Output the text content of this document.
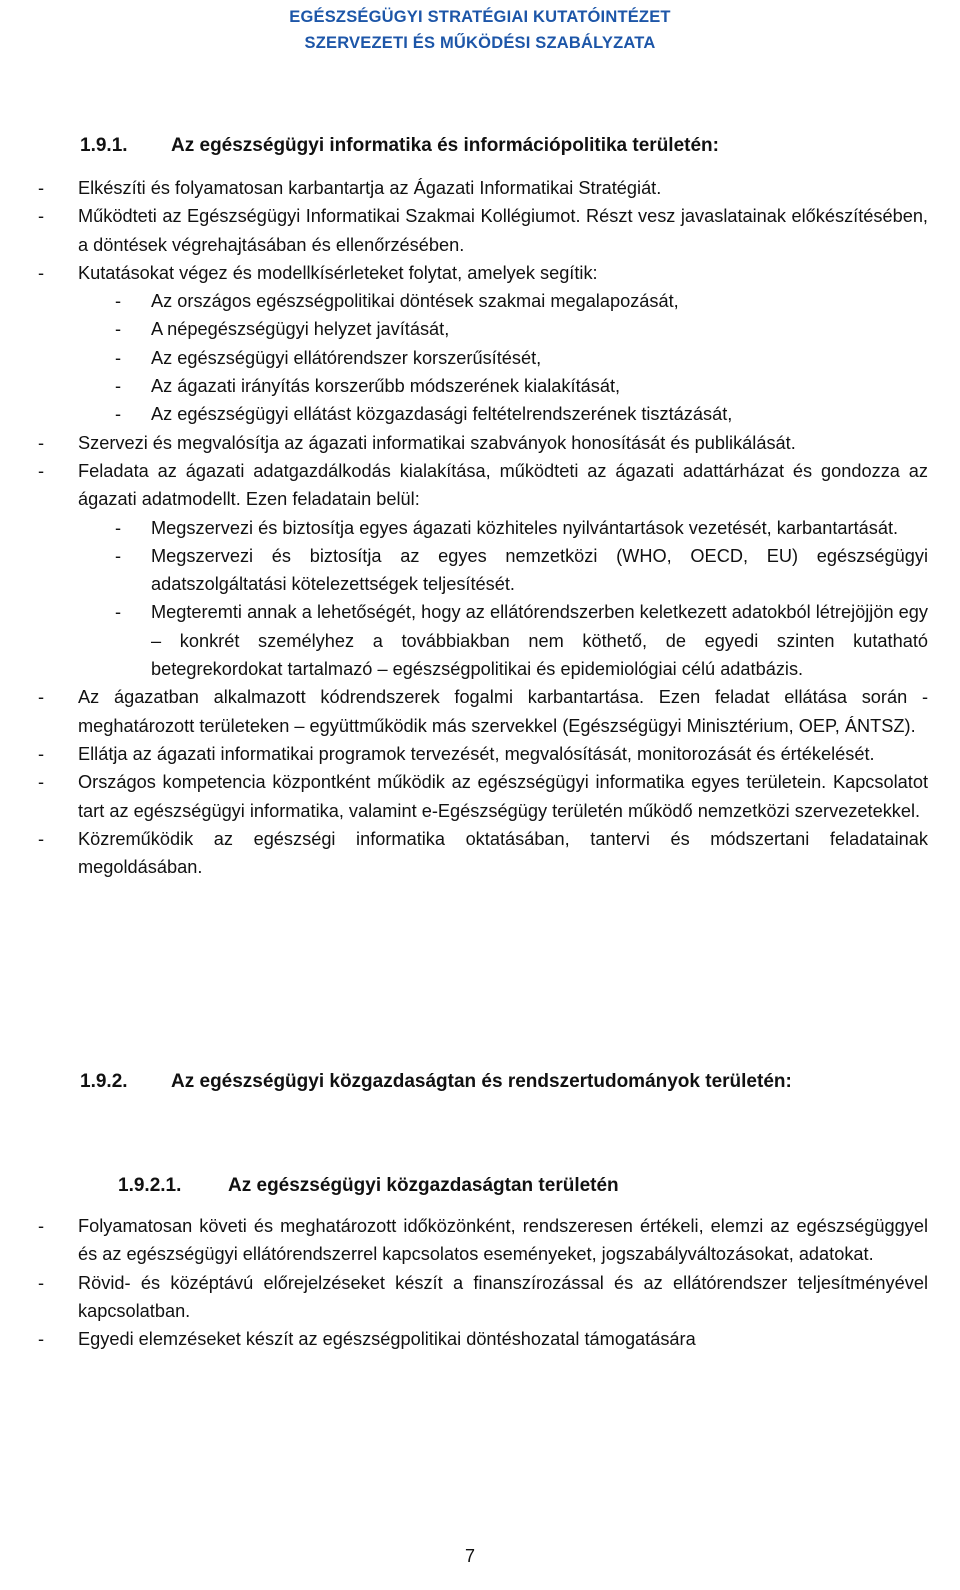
EGÉSZSÉGÜGYI STRATÉGIAI KUTATÓINTÉZET
SZERVEZETI ÉS MŰKÖDÉSI SZABÁLYZATA
1.9.1. Az egészségügyi informatika és információpolitika területén:
- Elkészíti és folyamatosan karbantartja az Ágazati Informatikai Stratégiát.
- Működteti az Egészségügyi Informatikai Szakmai Kollégiumot. Részt vesz javaslatainak előkészítésében, a döntések végrehajtásában és ellenőrzésében.
- Kutatásokat végez és modellkísérleteket folytat, amelyek segítik:
- Az országos egészségpolitikai döntések szakmai megalapozását,
- A népegészségügyi helyzet javítását,
- Az egészségügyi ellátórendszer korszerűsítését,
- Az ágazati irányítás korszerűbb módszerének kialakítását,
- Az egészségügyi ellátást közgazdasági feltételrendszerének tisztázását,
- Szervezi és megvalósítja az ágazati informatikai szabványok honosítását és publikálását.
- Feladata az ágazati adatgazdálkodás kialakítása, működteti az ágazati adattárházat és gondozza az ágazati adatmodellt. Ezen feladatain belül:
- Megszervezi és biztosítja egyes ágazati közhiteles nyilvántartások vezetését, karbantartását.
- Megszervezi és biztosítja az egyes nemzetközi (WHO, OECD, EU) egészségügyi adatszolgáltatási kötelezettségek teljesítését.
- Megteremti annak a lehetőségét, hogy az ellátórendszerben keletkezett adatokból létrejöjjön egy – konkrét személyhez a továbbiakban nem köthető, de egyedi szinten kutatható betegrekordokat tartalmazó – egészségpolitikai és epidemiológiai célú adatbázis.
- Az ágazatban alkalmazott kódrendszerek fogalmi karbantartása. Ezen feladat ellátása során - meghatározott területeken – együttműködik más szervekkel (Egészségügyi Minisztérium, OEP, ÁNTSZ).
- Ellátja az ágazati informatikai programok tervezését, megvalósítását, monitorozását és értékelését.
- Országos kompetencia központként működik az egészségügyi informatika egyes területein. Kapcsolatot tart az egészségügyi informatika, valamint e-Egészségügy területén működő nemzetközi szervezetekkel.
- Közreműködik az egészségi informatika oktatásában, tantervi és módszertani feladatainak megoldásában.
1.9.2. Az egészségügyi közgazdaságtan és rendszertudományok területén:
1.9.2.1. Az egészségügyi közgazdaságtan területén
- Folyamatosan követi és meghatározott időközönként, rendszeresen értékeli, elemzi az egészségüggyel és az egészségügyi ellátórendszerrel kapcsolatos eseményeket, jogszabályváltozásokat, adatokat.
- Rövid- és középtávú előrejelzéseket készít a finanszírozással és az ellátórendszer teljesítményével kapcsolatban.
- Egyedi elemzéseket készít az egészségpolitikai döntéshozatal támogatására
7
